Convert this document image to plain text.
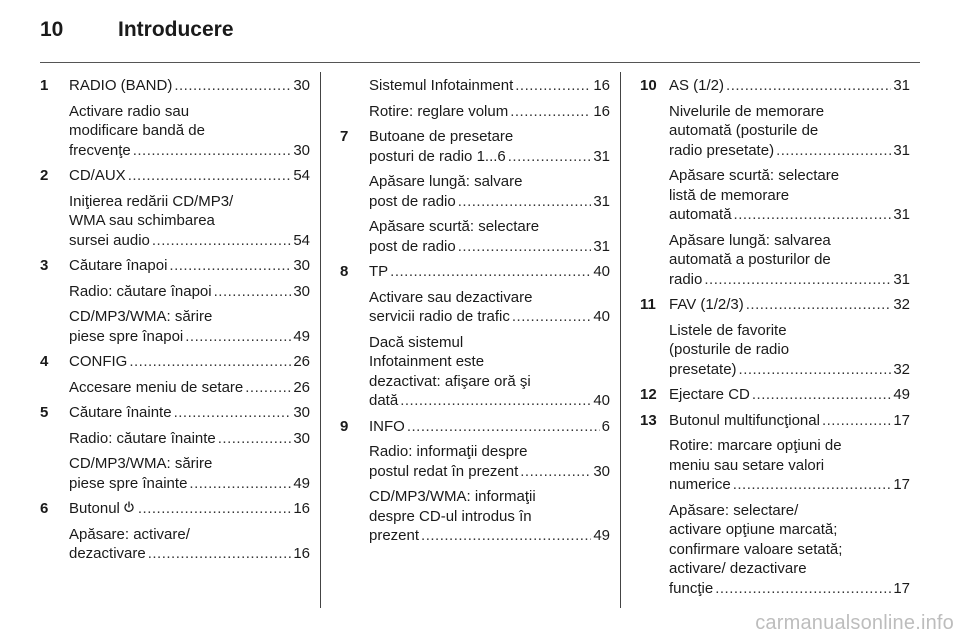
10	Introducere
1 RADIO (BAND) .....	30
Activare radio sau
modificare bandă de
frecvenţe .....	30
2 CD/AUX .....	54
Iniţierea redării CD/MP3/
WMA sau schimbarea
sursei audio .....	54
3 Căutare înapoi .....	30
Radio: căutare înapoi .....	30
CD/MP3/WMA: sărire
piese spre înapoi .....	49
4 CONFIG .....	26
Accesare meniu de setare .....	26
5 Căutare înainte .....	30
Radio: căutare înainte .....	30
CD/MP3/WMA: sărire
piese spre înainte .....	49
6 Butonul .....	16
Apăsare: activare/
dezactivare .....	16
Sistemul Infotainment .....	16
Rotire: reglare volum .....	16
7 Butoane de presetare
posturi de radio 1...6 .....	31
Apăsare lungă: salvare
post de radio .....	31
Apăsare scurtă: selectare
post de radio .....	31
8 TP .....	40
Activare sau dezactivare
servicii radio de trafic .....	40
Dacă sistemul
Infotainment este
dezactivat: afişare oră şi
dată .....	40
9 INFO .....	6
Radio: informaţii despre
postul redat în prezent .....	30
CD/MP3/WMA: informaţii
despre CD-ul introdus în
prezent .....	49
10 AS (1/2) .....	31
Nivelurile de memorare
automată (posturile de
radio presetate) .....	31
Apăsare scurtă: selectare
listă de memorare
automată .....	31
Apăsare lungă: salvarea
automată a posturilor de
radio .....	31
11 FAV (1/2/3) .....	32
Listele de favorite
(posturile de radio
presetate) .....	32
12 Ejectare CD .....	49
13 Butonul multifuncţional .....	17
Rotire: marcare opţiuni de
meniu sau setare valori
numerice .....	17
Apăsare: selectare/
activare opţiune marcată;
confirmare valoare setată;
activare/ dezactivare
funcţie .....	17
carmanualsonline.info
